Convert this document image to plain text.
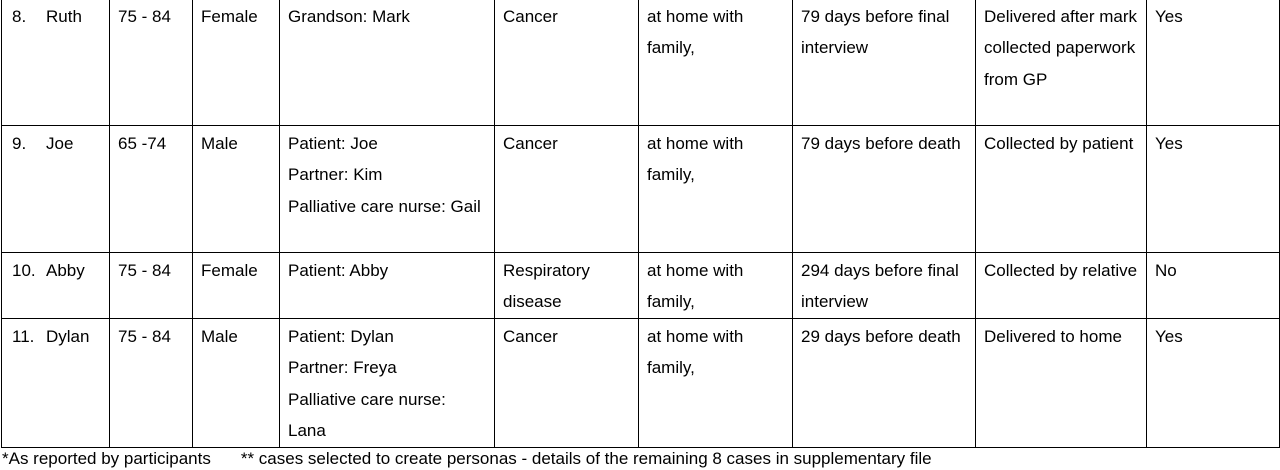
8. Ruth	75 - 84	Female	Grandson: Mark	Cancer	at home with family,	79 days before final interview	Delivered after mark collected paperwork from GP	Yes
9. Joe	65 -74	Male	Patient: Joe
Partner: Kim
Palliative care nurse: Gail	Cancer	at home with family,	79 days before death	Collected by patient	Yes
10. Abby	75 - 84	Female	Patient: Abby	Respiratory disease	at home with family,	294 days before final interview	Collected by relative	No
11. Dylan	75 - 84	Male	Patient: Dylan
Partner: Freya
Palliative care nurse: Lana	Cancer	at home with family,	29 days before death	Delivered to home	Yes
*As reported by participants ** cases selected to create personas - details of the remaining 8 cases in supplementary file
